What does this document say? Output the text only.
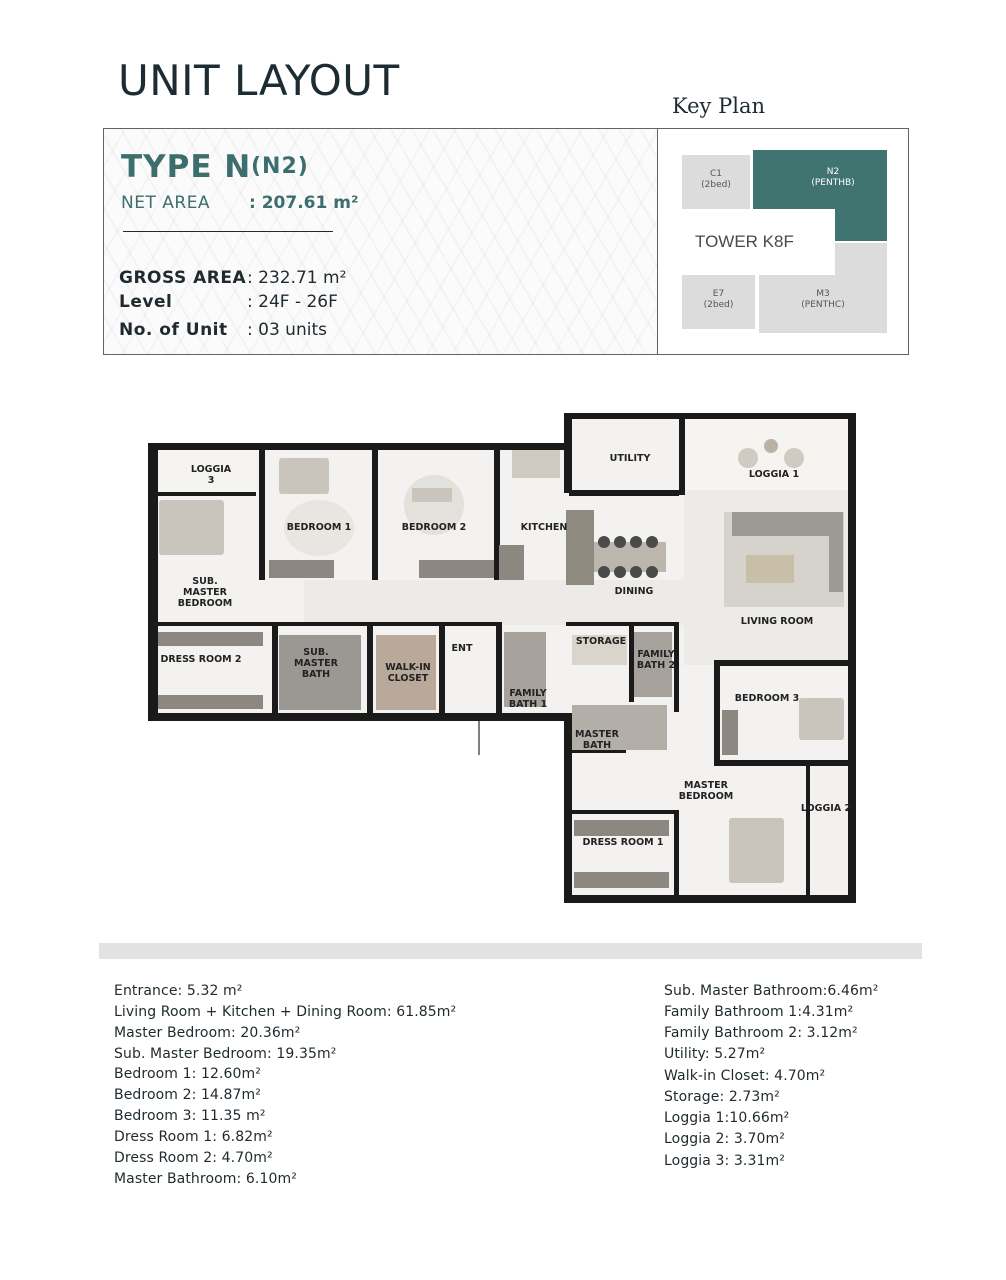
UNIT LAYOUT
Key Plan
TYPE N (N2)
NET AREA : 207.61 m²
GROSS AREA : 232.71 m²
Level	: 24F - 26F
No. of Unit : 03 units
C1
(2bed)
N2
(PENTHB)
TOWER K8F
E7
(2bed)
M3
(PENTHC)
LOGGIA 3
BEDROOM 1	BEDROOM 2	KITCHEN
UTILITY
LOGGIA 1
SUB. MASTER BEDROOM
DINING
LIVING ROOM
DRESS ROOM 2
SUB. MASTER BATH
WALK-IN CLOSET
ENT
FAMILY BATH 1
STORAGE
FAMILY BATH 2
BEDROOM 3
MASTER BATH
MASTER BEDROOM
LOGGIA 2
DRESS ROOM 1
Entrance: 5.32 m²
Living Room + Kitchen + Dining Room: 61.85m²
Master Bedroom: 20.36m²
Sub. Master Bedroom: 19.35m²
Bedroom 1: 12.60m²
Bedroom 2: 14.87m²
Bedroom 3: 11.35 m²
Dress Room 1: 6.82m²
Dress Room 2: 4.70m²
Master Bathroom: 6.10m²
Sub. Master Bathroom:6.46m²
Family Bathroom 1:4.31m²
Family Bathroom 2: 3.12m²
Utility: 5.27m²
Walk-in Closet: 4.70m²
Storage: 2.73m²
Loggia 1:10.66m²
Loggia 2: 3.70m²
Loggia 3: 3.31m²
